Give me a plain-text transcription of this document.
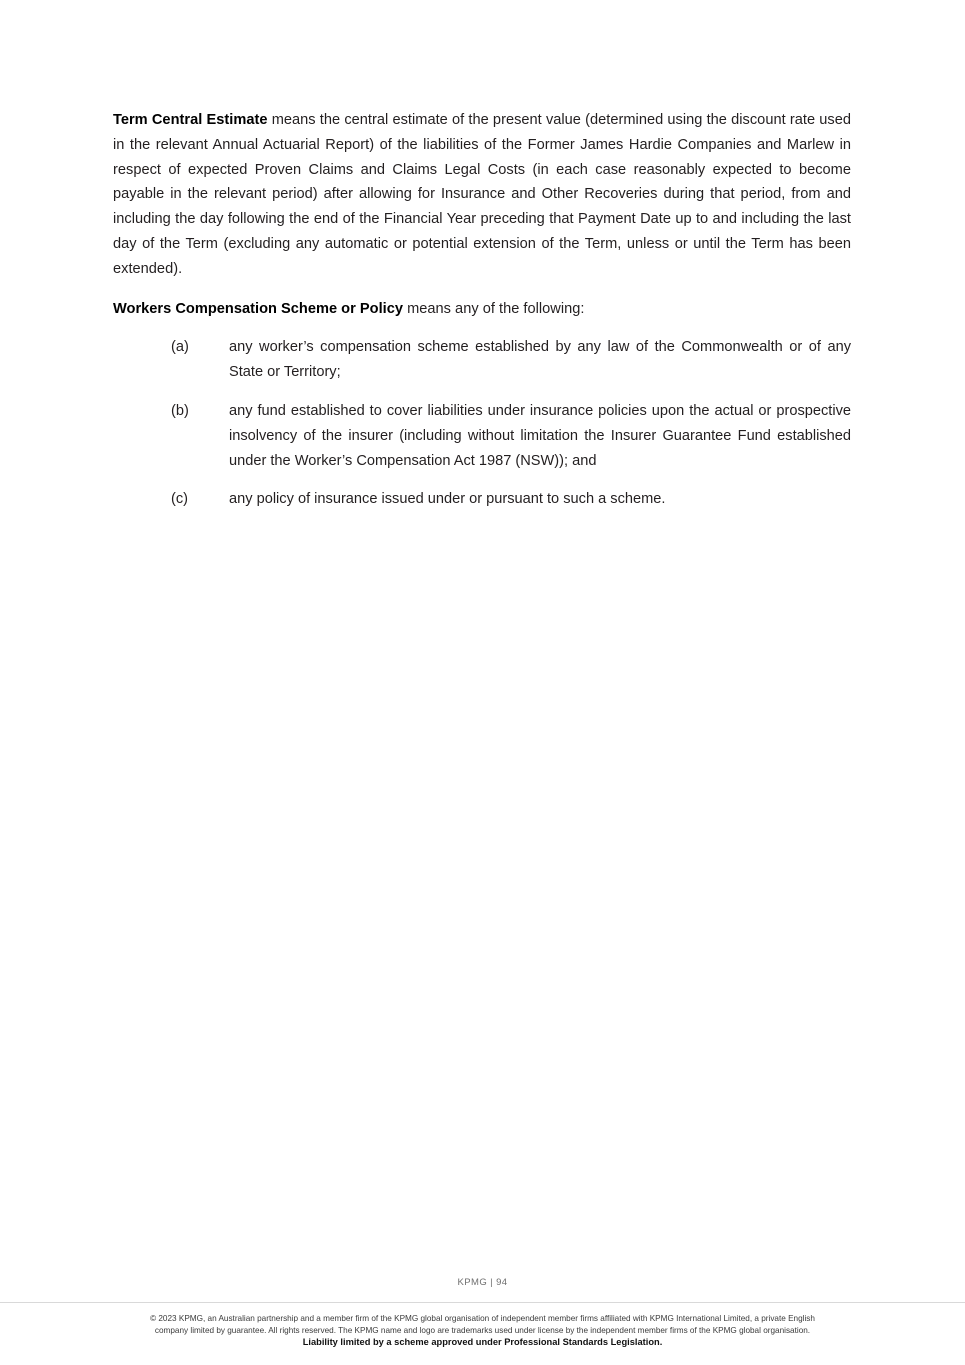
Term Central Estimate means the central estimate of the present value (determined using the discount rate used in the relevant Annual Actuarial Report) of the liabilities of the Former James Hardie Companies and Marlew in respect of expected Proven Claims and Claims Legal Costs (in each case reasonably expected to become payable in the relevant period) after allowing for Insurance and Other Recoveries during that period, from and including the day following the end of the Financial Year preceding that Payment Date up to and including the last day of the Term (excluding any automatic or potential extension of the Term, unless or until the Term has been extended).

Workers Compensation Scheme or Policy means any of the following:

(a)	any worker’s compensation scheme established by any law of the Commonwealth or of any State or Territory;
(b)	any fund established to cover liabilities under insurance policies upon the actual or prospective insolvency of the insurer (including without limitation the Insurer Guarantee Fund established under the Worker’s Compensation Act 1987 (NSW)); and
(c)	any policy of insurance issued under or pursuant to such a scheme.
KPMG | 94
© 2023 KPMG, an Australian partnership and a member firm of the KPMG global organisation of independent member firms affiliated with KPMG International Limited, a private English
company limited by guarantee. All rights reserved. The KPMG name and logo are trademarks used under license by the independent member firms of the KPMG global organisation.
Liability limited by a scheme approved under Professional Standards Legislation.
